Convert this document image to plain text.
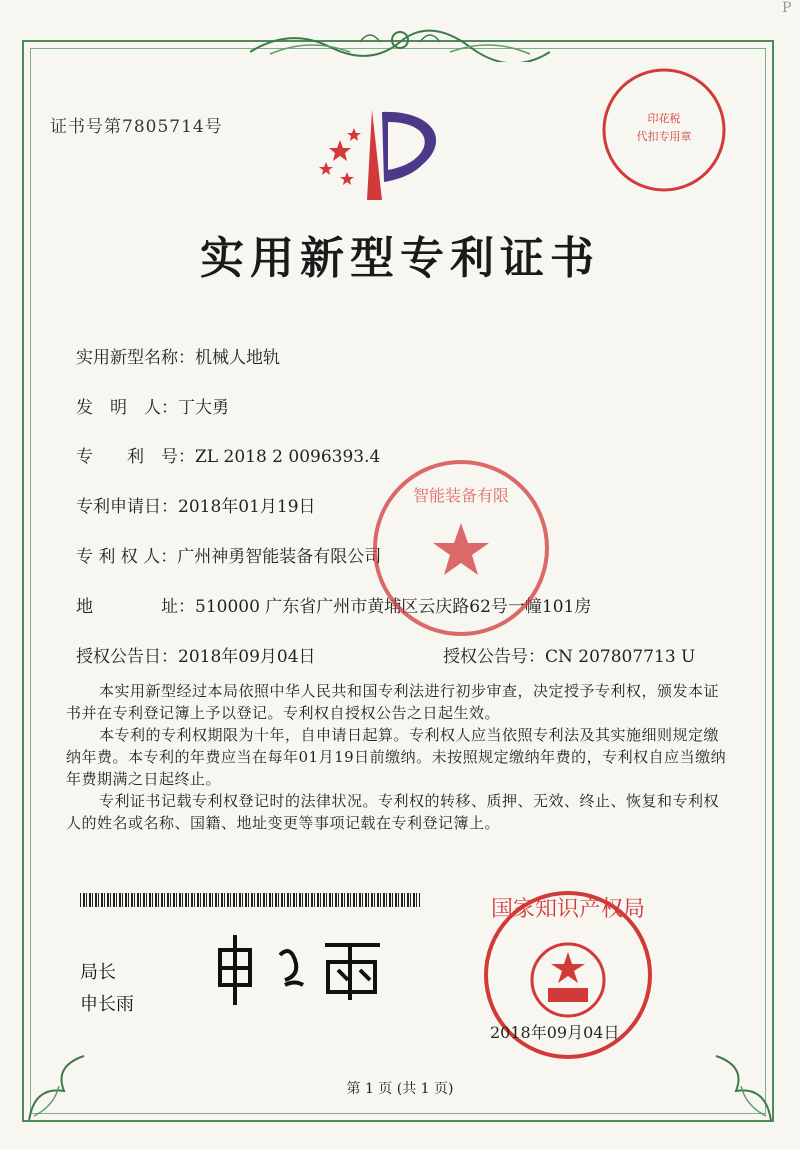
P
证书号第7805714号	印花税
代扣专用章
实用新型专利证书
实用新型名称：机械人地轨
发　明　人：丁大勇
专　　利　号：ZL 2018 2 0096393.4
专利申请日：2018年01月19日
专 利 权 人：广州神勇智能装备有限公司
地　　　　址：510000 广东省广州市黄埔区云庆路62号一幢101房
授权公告日：2018年09月04日	授权公告号：CN 207807713 U
智能装备有限

本实用新型经过本局依照中华人民共和国专利法进行初步审查，决定授予专利权，颁发本证书并在专利登记簿上予以登记。专利权自授权公告之日起生效。

本专利的专利权期限为十年，自申请日起算。专利权人应当依照专利法及其实施细则规定缴纳年费。本专利的年费应当在每年01月19日前缴纳。未按照规定缴纳年费的，专利权自应当缴纳年费期满之日起终止。

专利证书记载专利权登记时的法律状况。专利权的转移、质押、无效、终止、恢复和专利权人的姓名或名称、国籍、地址变更等事项记载在专利登记簿上。

局长
申长雨
国家知识产权局
2018年09月04日
第 1 页 (共 1 页)
